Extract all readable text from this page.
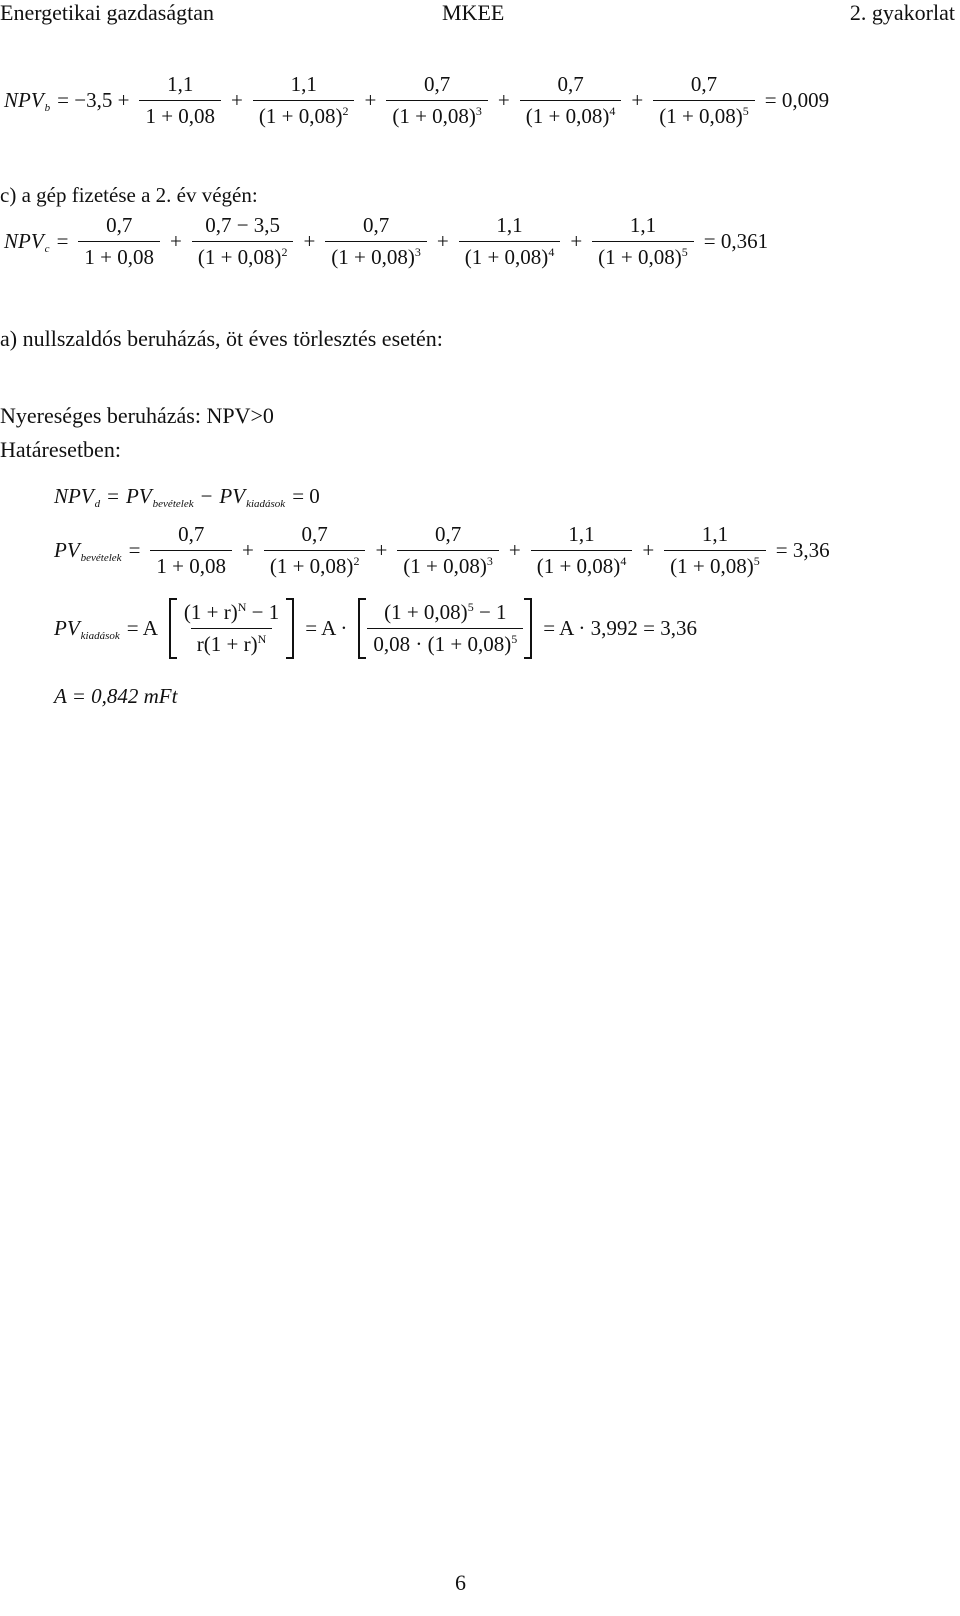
Energetikai gazdaságtan	MKEE	2. gyakorlat
NPV $b = -3,5 + \frac{1,1}{1 + 0,08} + \frac{1,1}{(1 + 0,08)^2} + \frac{0,7}{(1 + 0,08)^3} + \frac{0,7}{(1 + 0,08)^4} + \frac{0,7}{(1 + 0,08)^5} = 0,009$

c) a gép fizetése a 2. év végén:

NPV $c = \frac{0,7}{1 + 0,08} + \frac{0,7 - 3,5}{(1 + 0,08)^2} + \frac{0,7}{(1 + 0,08)^3} + \frac{1,1}{(1 + 0,08)^4} + \frac{1,1}{(1 + 0,08)^5} = 0,361$

a) nullszaldós beruházás, öt éves törlesztés esetén:

Nyereséges beruházás: NPV>0

Határesetben:

NPV d = PV bevételek − PV kiadások = 0
PV bevételek = $\frac{0,7}{1 + 0,08} + \frac{0,7}{(1 + 0,08)^2} + \frac{0,7}{(1 + 0,08)^3} + \frac{1,1}{(1 + 0,08)^4} + \frac{1,1}{(1 + 0,08)^5} = 3,36$
PV kiadások = A $\frac{(1 + r)^N - 1}{r(1 + r)^N} = A \cdot \frac{(1 + 0,08)^5 - 1}{0,08 \cdot (1 + 0,08)^5} = A \cdot 3,992 = 3,36$
A = 0,842 mFt
6
